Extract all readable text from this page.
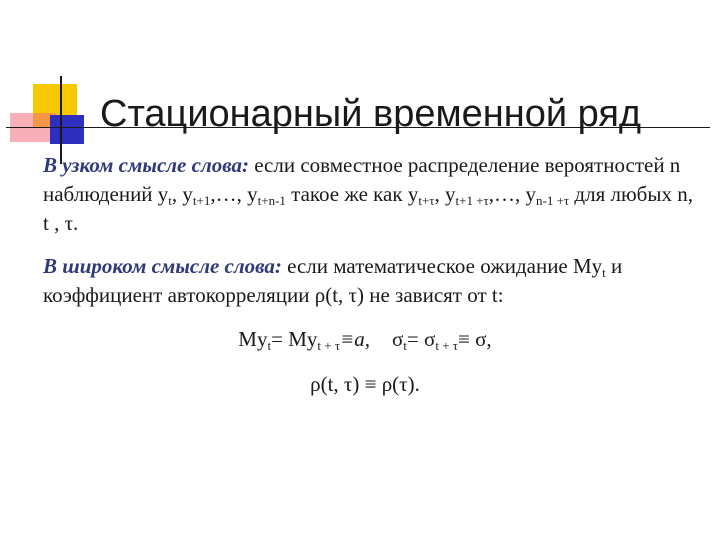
Стационарный временной ряд

В узком смысле слова: если совместное распределение вероятностей n наблюдений $y_t$, $y_{t+1},\dots$, $y_{t+n-1}$ такое же как $y_{t+\tau}$, $y_{t+1 +\tau},\dots$, $y_{n-1 +\tau}$ для любых n, t , τ.

В широком смысле слова: если математическое ожидание $My_t$ и коэффициент автокорреляции ρ(t, τ) не зависят от t:

$My_t= My_{t + \tau}\equiv a$, $\sigma_t= \sigma_{t + \tau}\equiv \sigma$,

ρ(t, τ) ≡ ρ(τ).
